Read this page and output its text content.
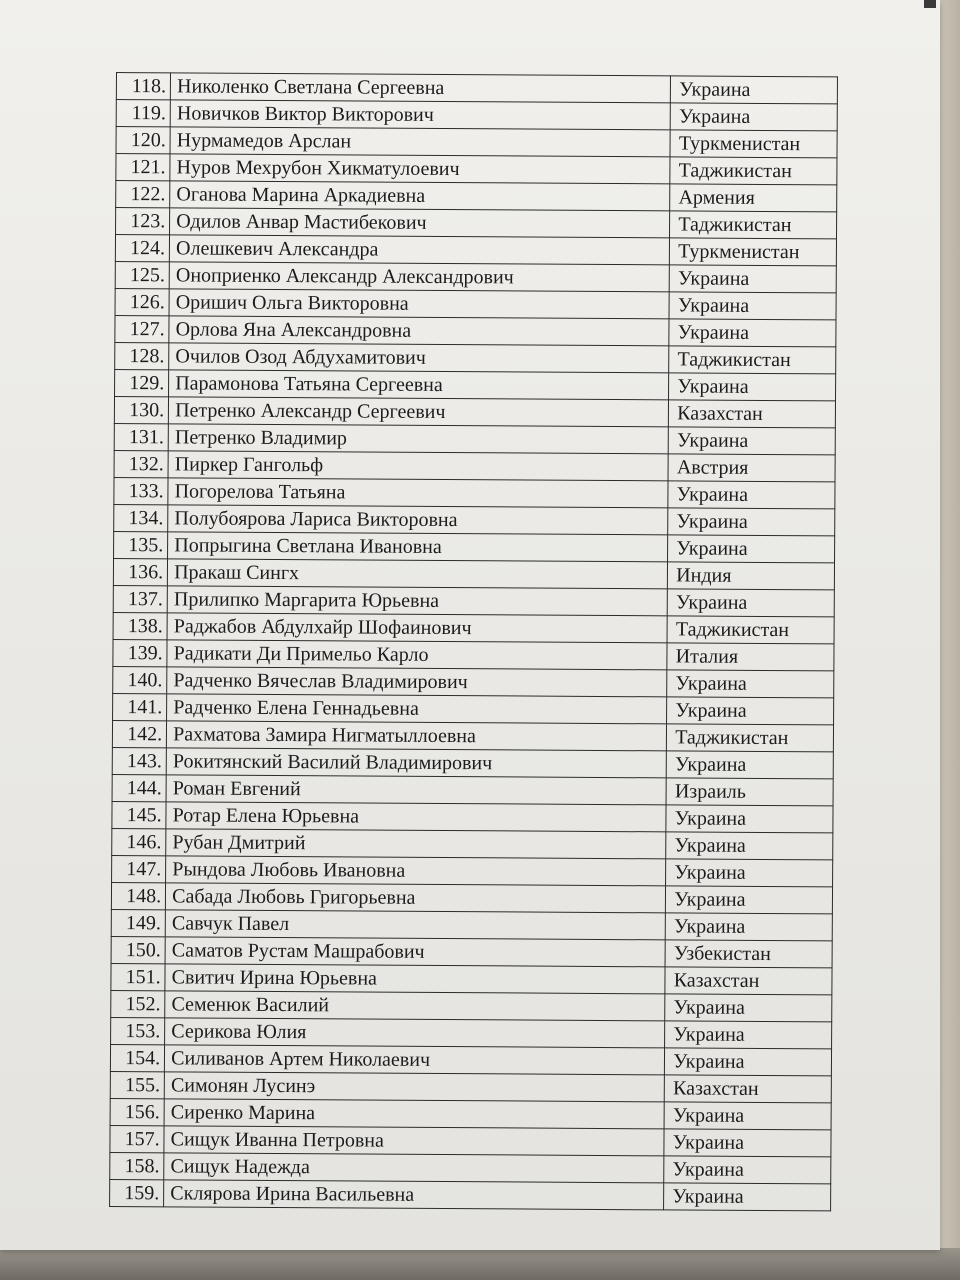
118.	Николенко Светлана Сергеевна	Украина
119.	Новичков Виктор Викторович	Украина
120.	Нурмамедов Арслан	Туркменистан
121.	Нуров Мехрубон Хикматулоевич	Таджикистан
122.	Оганова Марина Аркадиевна	Армения
123.	Одилов Анвар Мастибекович	Таджикистан
124.	Олешкевич Александра	Туркменистан
125.	Оноприенко Александр Александрович	Украина
126.	Оришич Ольга Викторовна	Украина
127.	Орлова Яна Александровна	Украина
128.	Очилов Озод Абдухамитович	Таджикистан
129.	Парамонова Татьяна Сергеевна	Украина
130.	Петренко Александр Сергеевич	Казахстан
131.	Петренко Владимир	Украина
132.	Пиркер Гангольф	Австрия
133.	Погорелова Татьяна	Украина
134.	Полубоярова Лариса Викторовна	Украина
135.	Попрыгина Светлана Ивановна	Украина
136.	Пракаш Сингх	Индия
137.	Прилипко Маргарита Юрьевна	Украина
138.	Раджабов Абдулхайр Шофаинович	Таджикистан
139.	Радикати Ди Примельо Карло	Италия
140.	Радченко Вячеслав Владимирович	Украина
141.	Радченко Елена Геннадьевна	Украина
142.	Рахматова Замира Нигматыллоевна	Таджикистан
143.	Рокитянский Василий Владимирович	Украина
144.	Роман Евгений	Израиль
145.	Ротар Елена Юрьевна	Украина
146.	Рубан Дмитрий	Украина
147.	Рындова Любовь Ивановна	Украина
148.	Сабада Любовь Григорьевна	Украина
149.	Савчук Павел	Украина
150.	Саматов Рустам Машрабович	Узбекистан
151.	Свитич Ирина Юрьевна	Казахстан
152.	Семенюк Василий	Украина
153.	Серикова Юлия	Украина
154.	Силиванов Артем Николаевич	Украина
155.	Симонян Лусинэ	Казахстан
156.	Сиренко Марина	Украина
157.	Сищук Иванна Петровна	Украина
158.	Сищук Надежда	Украина
159.	Склярова Ирина Васильевна	Украина
